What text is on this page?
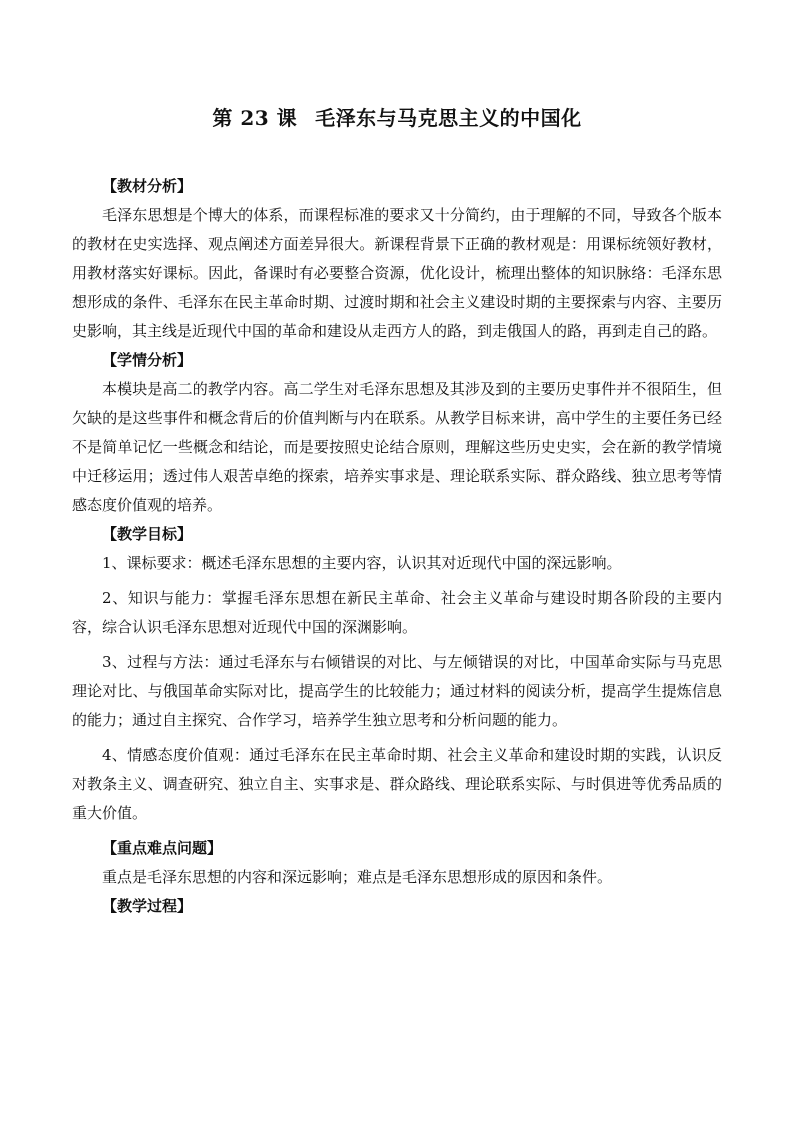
第 23 课 毛泽东与马克思主义的中国化
【教材分析】

毛泽东思想是个博大的体系，而课程标准的要求又十分简约，由于理解的不同，导致各个版本的教材在史实选择、观点阐述方面差异很大。新课程背景下正确的教材观是：用课标统领好教材，用教材落实好课标。因此，备课时有必要整合资源，优化设计，梳理出整体的知识脉络：毛泽东思想形成的条件、毛泽东在民主革命时期、过渡时期和社会主义建设时期的主要探索与内容、主要历史影响，其主线是近现代中国的革命和建设从走西方人的路，到走俄国人的路，再到走自己的路。

【学情分析】

本模块是高二的教学内容。高二学生对毛泽东思想及其涉及到的主要历史事件并不很陌生，但欠缺的是这些事件和概念背后的价值判断与内在联系。从教学目标来讲，高中学生的主要任务已经不是简单记忆一些概念和结论，而是要按照史论结合原则，理解这些历史史实，会在新的教学情境中迁移运用；透过伟人艰苦卓绝的探索，培养实事求是、理论联系实际、群众路线、独立思考等情感态度价值观的培养。

【教学目标】

1、课标要求：概述毛泽东思想的主要内容，认识其对近现代中国的深远影响。

2、知识与能力：掌握毛泽东思想在新民主革命、社会主义革命与建设时期各阶段的主要内容，综合认识毛泽东思想对近现代中国的深渊影响。

3、过程与方法：通过毛泽东与右倾错误的对比、与左倾错误的对比，中国革命实际与马克思理论对比、与俄国革命实际对比，提高学生的比较能力；通过材料的阅读分析，提高学生提炼信息的能力；通过自主探究、合作学习，培养学生独立思考和分析问题的能力。

4、情感态度价值观：通过毛泽东在民主革命时期、社会主义革命和建设时期的实践，认识反对教条主义、调查研究、独立自主、实事求是、群众路线、理论联系实际、与时俱进等优秀品质的重大价值。

【重点难点问题】

重点是毛泽东思想的内容和深远影响；难点是毛泽东思想形成的原因和条件。

【教学过程】
